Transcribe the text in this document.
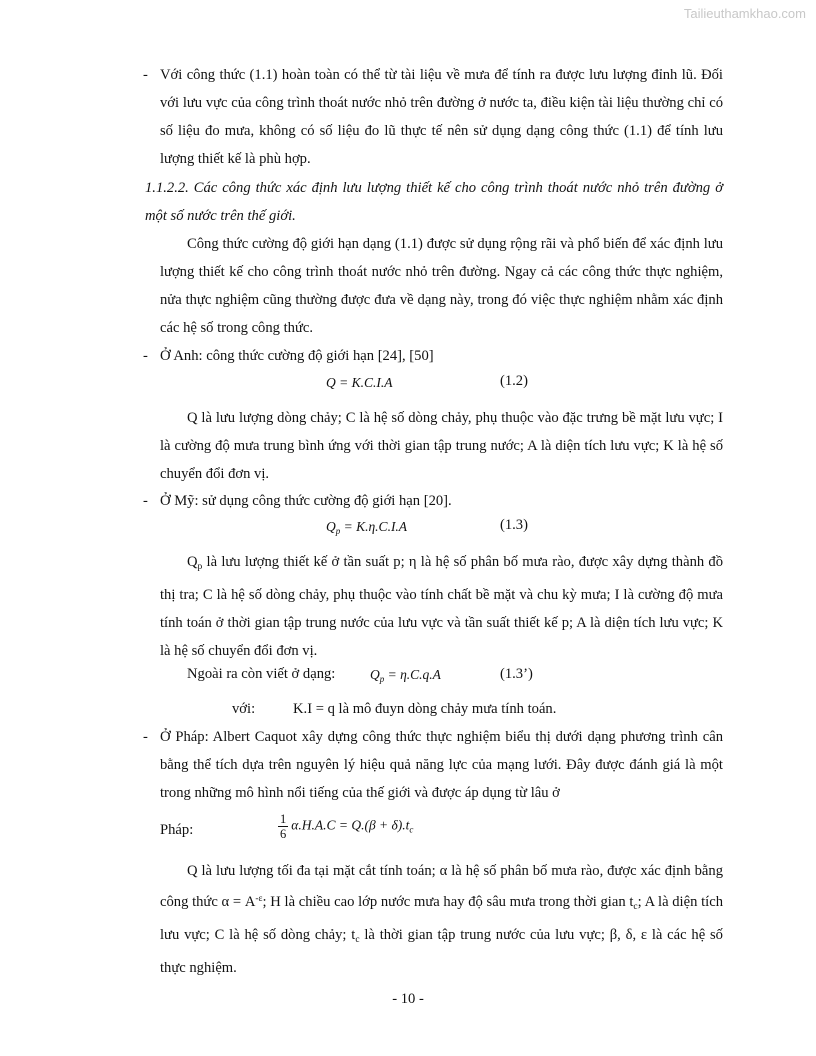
Tailieuthamkhao.com
- Với công thức (1.1) hoàn toàn có thể từ tài liệu về mưa để tính ra được lưu lượng đỉnh lũ. Đối với lưu vực của công trình thoát nước nhỏ trên đường ở nước ta, điều kiện tài liệu thường chỉ có số liệu đo mưa, không có số liệu đo lũ thực tế nên sử dụng dạng công thức (1.1) để tính lưu lượng thiết kế là phù hợp.
1.1.2.2. Các công thức xác định lưu lượng thiết kế cho công trình thoát nước nhỏ trên đường ở một số nước trên thế giới.
Công thức cường độ giới hạn dạng (1.1) được sử dụng rộng rãi và phổ biến để xác định lưu lượng thiết kế cho công trình thoát nước nhỏ trên đường. Ngay cả các công thức thực nghiệm, nửa thực nghiệm cũng thường được đưa về dạng này, trong đó việc thực nghiệm nhằm xác định các hệ số trong công thức.
- Ở Anh: công thức cường độ giới hạn [24], [50]
Q = K.C.I.A	(1.2)
Q là lưu lượng dòng chảy; C là hệ số dòng chảy, phụ thuộc vào đặc trưng bề mặt lưu vực; I là cường độ mưa trung bình ứng với thời gian tập trung nước; A là diện tích lưu vực; K là hệ số chuyển đổi đơn vị.
- Ở Mỹ: sử dụng công thức cường độ giới hạn [20].
$Q_p = K.\eta.C.I.A$	(1.3)
$Q_p$ là lưu lượng thiết kế ở tần suất p; η là hệ số phân bố mưa rào, được xây dựng thành đồ thị tra; C là hệ số dòng chảy, phụ thuộc vào tính chất bề mặt và chu kỳ mưa; I là cường độ mưa tính toán ở thời gian tập trung nước của lưu vực và tần suất thiết kế p; A là diện tích lưu vực; K là hệ số chuyển đổi đơn vị.
Ngoài ra còn viết ở dạng:	$Q_p = \eta.C.q.A$	(1.3’)
với:	K.I = q là mô đuyn dòng chảy mưa tính toán.
- Ở Pháp: Albert Caquot xây dựng công thức thực nghiệm biểu thị dưới dạng phương trình cân bằng thể tích dựa trên nguyên lý hiệu quả năng lực của mạng lưới. Đây được đánh giá là một trong những mô hình nổi tiếng của thế giới và được áp dụng từ lâu ở
Pháp:	$\frac{1}{6} \alpha.H.A.C = Q.(\beta + \delta).t_c$
Q là lưu lượng tối đa tại mặt cắt tính toán; α là hệ số phân bố mưa rào, được xác định bằng công thức $\alpha = A^{-\varepsilon}$; H là chiều cao lớp nước mưa hay độ sâu mưa trong thời gian $t_c$; A là diện tích lưu vực; C là hệ số dòng chảy; $t_c$ là thời gian tập trung nước của lưu vực; β, δ, ε là các hệ số thực nghiệm.
- 10 -
